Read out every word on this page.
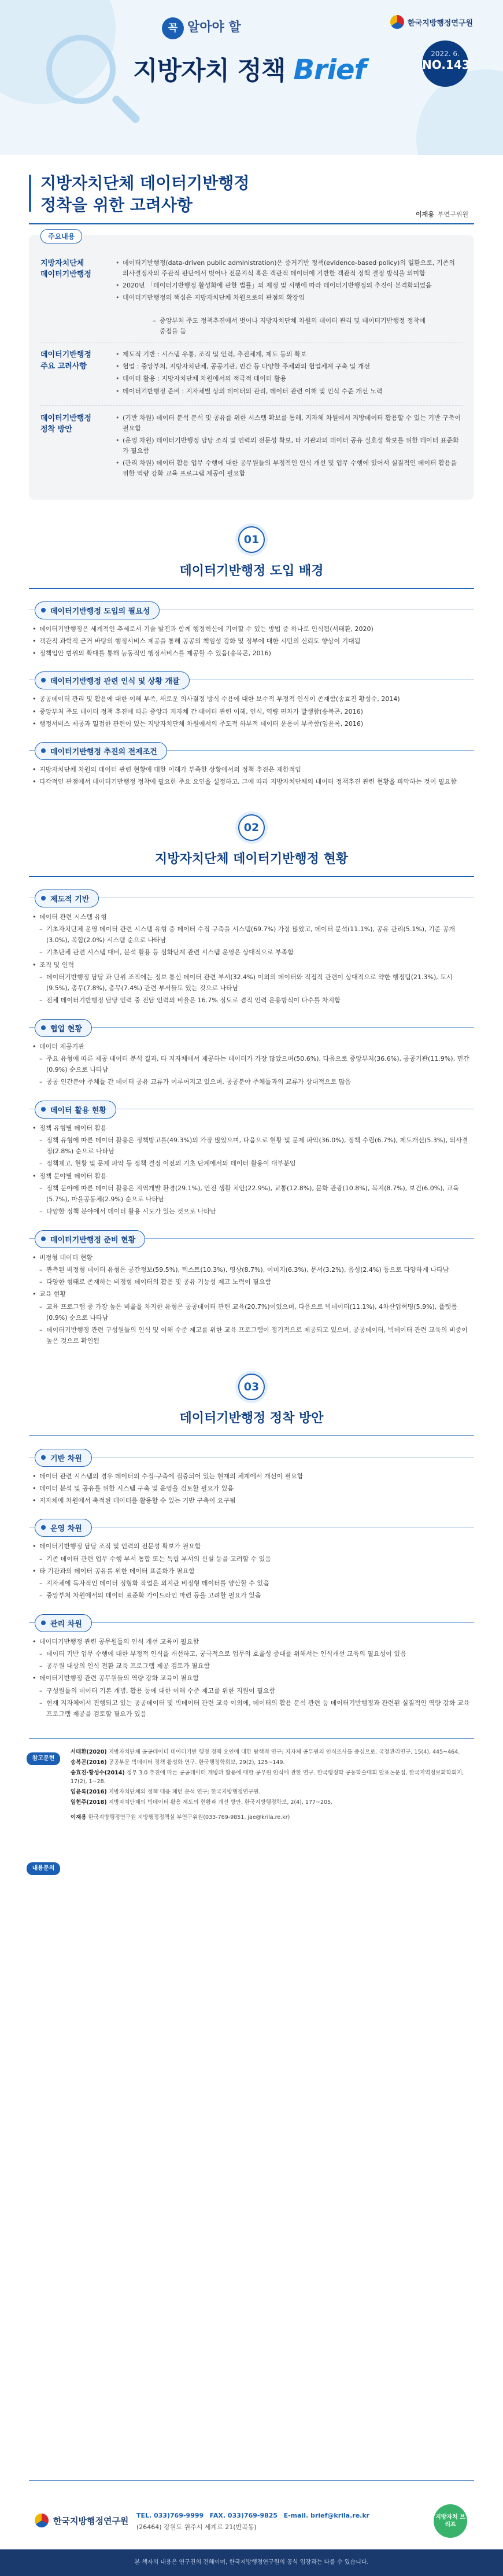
한국지방행정연구원
꼭 알아야 할
지방자치 정책 Brief	2022. 6.
NO.143
지방자치단체 데이터기반행정
정착을 위한 고려사항	이재용 부연구위원
주요내용
지방자치단체
데이터기반행정
• 데이터기반행정(data-driven public administration)은 증거기반 정책(evidence-based policy)의 일환으로, 기존의 의사결정자의 주관적 판단에서 벗어나 전문지식 혹은 객관적 데이터에 기반한 객관적 정책 결정 방식을 의미함
• 2020년 「데이터기반행정 활성화에 관한 법률」의 제정 및 시행에 따라 데이터기반행정의 추진이 본격화되었음
• 데이터기반행정의 핵심은 지방자치단체 차원으로의 관점의 확장임
– 중앙부처 주도 정책추진에서 벗어나 지방자치단체 차원의 데이터 관리 및 데이터기반행정 정착에 중점을 둠
데이터기반행정
주요 고려사항
• 제도적 기반 : 시스템 유통, 조직 및 인력, 추진체계, 제도 등의 확보
• 협업 : 중앙부처, 지방자치단체, 공공기관, 민간 등 다양한 주체와의 협업체계 구축 및 개선
• 데이터 활용 : 지방자치단체 차원에서의 적극적 데이터 활용
• 데이터기반행정 준비 : 지자체별 상의 데이터의 관리, 데이터 관련 이해 및 인식 수준 개선 노력
데이터기반행정
정착 방안
• (기반 차원) 데이터 분석 분석 및 공유를 위한 시스템 확보를 통해, 지자체 차원에서 지방데이터 활용할 수 있는 기반 구축이 필요함
• (운영 차원) 데이터기반행정 담당 조직 및 인력의 전문성 확보, 타 기관과의 데이터 공유 실효성 확보를 위한 데이터 표준화가 필요함
• (관리 차원) 데이터 활용 업무 수행에 대한 공무원들의 부정적인 인식 개선 및 업무 수행에 있어서 실질적인 데이터 활용을 위한 역량 강화 교육 프로그램 제공이 필요함
01
데이터기반행정 도입 배경
데이터기반행정 도입의 필요성

• 데이터기반행정은 세계적인 추세로서 기술 발전과 함께 행정혁신에 기여할 수 있는 방법 중 하나로 인식됨(서태환, 2020)

• 객관적 과학적 근거 바탕의 행정서비스 제공을 통해 공공의 책임성 강화 및 정부에 대한 시민의 신뢰도 향상이 기대됨

• 정책입안 범위의 확대를 통해 능동적인 행정서비스를 제공할 수 있음(송복곤, 2016)

데이터기반행정 관련 인식 및 상황 개괄

• 공공데이터 관리 및 활용에 대한 이해 부족, 새로운 의사결정 방식 수용에 대한 보수적 부정적 인식이 존재함(송효진 황성수, 2014)

• 중앙부처 주도 데이터 정책 추진에 따른 중앙과 지자체 간 데이터 관련 이해, 인식, 역량 편차가 발생함(송복곤, 2016)

• 행정서비스 제공과 밀접한 관련이 있는 지방자치단체 차원에서의 주도적 하부적 데이터 운용이 부족함(임윤록, 2016)

데이터기반행정 추진의 전제조건

• 지방자치단체 차원의 데이터 관련 현황에 대한 이해가 부족한 상황에서의 정책 추진은 제한적임

• 다각적인 관점에서 데이터기반행정 정착에 필요한 주요 요인을 설정하고, 그에 따라 지방자치단체의 데이터 정책추진 관련 현황을 파악하는 것이 필요함

02
지방자치단체 데이터기반행정 현황
제도적 기반

• 데이터 관련 시스템 유형

– 기초자치단체 운영 데이터 관련 시스템 유형 중 데이터 수집 구축을 시스템(69.7%) 가장 많았고, 데이터 분석(11.1%), 공유 관리(5.1%), 기준 공개(3.0%), 복합(2.0%) 시스템 순으로 나타남

– 기초단체 관련 시스템 대비, 분석 활용 등 심화단계 관련 시스템 운영은 상대적으로 부족함

• 조직 및 인력

– 데이터기반행정 담당 과 단위 조직에는 정보 통신 데이터 관련 부서(32.4%) 이외의 데이터와 직접적 관련이 상대적으로 약한 행정팀(21.3%), 도시(9.5%), 총무(7.8%), 총무(7.4%) 관련 부서들도 있는 것으로 나타남

– 전체 데이터기반행정 담당 인력 중 전담 인력의 비율은 16.7% 정도로 겸직 인력 운용방식이 다수를 차지함

협업 현황

• 데이터 제공기관

– 주요 유형에 따른 제공 데이터 분석 결과, 타 지자체에서 제공하는 데이터가 가장 많았으며(50.6%), 다음으로 중앙부처(36.6%), 공공기관(11.9%), 민간(0.9%) 순으로 나타남

– 공공 인간분야 주체들 간 데이터 공유 교류가 이루어지고 있으며, 공공분야 주체들과의 교류가 상대적으로 많음

데이터 활용 현황

• 정책 유형별 데이터 활용

– 정책 유형에 따른 데이터 활용은 정책방고를(49.3%)의 가장 많았으며, 다음으로 현황 및 문제 파악(36.0%), 정책 수립(6.7%), 제도개선(5.3%), 의사결정(2.8%) 순으로 나타남

– 정책제고, 현황 및 문제 파악 등 정책 결정 이전의 기초 단계에서의 데이터 활용이 대부분임

• 정책 분야별 데이터 활용

– 정책 분야에 따른 데이터 활용은 지역개발 환경(29.1%), 안전 생활 치안(22.9%), 교통(12.8%), 문화 관광(10.8%), 복지(8.7%), 보건(6.0%), 교육(5.7%), 마을공동체(2.9%) 순으로 나타남

– 다양한 정책 분야에서 데이터 활용 시도가 있는 것으로 나타남

데이터기반행정 준비 현황

• 비정형 데이터 현황

– 관측된 비정형 데이터 유형은 공간정보(59.5%), 텍스트(10.3%), 영상(8.7%), 이미지(6.3%), 문서(3.2%), 음성(2.4%) 등으로 다양하게 나타남

– 다양한 형태로 존재하는 비정형 데이터의 활용 및 공유 기능성 제고 노력이 필요함

• 교육 현황

– 교육 프로그램 중 가장 높은 비율을 차지한 유형은 공공데이터 관련 교육(20.7%)이었으며, 다음으로 빅데이터(11.1%), 4차산업혁명(5.9%), 플랫폼(0.9%) 순으로 나타남

– 데이터기반행정 관련 구성원들의 인식 및 이해 수준 제고를 위한 교육 프로그램이 정기적으로 제공되고 있으며, 공공데이터, 빅데이터 관련 교육의 비중이 높은 것으로 확인됨

03
데이터기반행정 정착 방안
기반 차원

• 데이터 관련 시스템의 경우 데이터의 수집·구축에 집중되어 있는 현재의 체계에서 개선이 필요함

• 데이터 분석 및 공유를 위한 시스템 구축 및 운영을 검토할 필요가 있음

• 지자체에 차원에서 축적된 데이터를 활용할 수 있는 기반 구축이 요구됨

운영 차원

• 데이터기반행정 담당 조직 및 인력의 전문성 확보가 필요함

– 기존 데이터 관련 업무 수행 부서 통합 또는 독립 부서의 신설 등을 고려할 수 있음

• 타 기관과의 데이터 공유를 위한 데이터 표준화가 필요함

– 지자체에 독자적인 데이터 정형화 작업은 외지관 비정형 데이터를 양산할 수 있음

– 중앙부처 차원에서의 데이터 표준화 가이드라인 마련 등을 고려할 필요가 있음

관리 차원

• 데이터기반행정 관련 공무원들의 인식 개선 교육이 필요함

– 데이터 기반 업무 수행에 대한 부정적 인식을 개선하고, 궁극적으로 업무의 효율성 증대를 위해서는 인식개선 교육의 필요성이 있음

– 공무원 대상의 인식 전환 교육 프로그램 제공 검토가 필요함

• 데이터기반행정 관련 공무원들의 역량 강화 교육이 필요함

– 구성원들의 데이터 기본 개념, 활용 등에 대한 이해 수준 제고를 위한 지원이 필요함

– 현재 지자체에서 진행되고 있는 공공데이터 및 빅데이터 관련 교육 이외에, 데이터의 활용 분석 관련 등 데이터기반행정과 관련된 실질적인 역량 강화 교육 프로그램 제공을 검토할 필요가 있음

참고문헌

서태환(2020) 지방자치단체 공공데이터 데이터기반 행정 정책 요인에 대한 탐색적 연구: 지자체 공무원의 인식조사를 중심으로. 국정관리연구, 15(4), 445~464.

송복곤(2016) 공공부문 빅데이터 정책 활성화 연구. 한국행정학회보, 29(2), 125~149.

송효진·황성수(2014) 정부 3.0 추진에 따른 공공데이터 개방과 활용에 대한 공무원 인식에 관한 연구. 한국행정학 공동학술대회 발표논문집, 한국지역정보화학회지, 17(2), 1~28.

임윤록(2016) 지방자치단체의 정책 대응 패턴 분석 연구: 한국지방행정연구원.

임현주(2018) 지방자치단체의 빅데이터 활용 제도의 현황과 개선 방안. 한국지방행정학보, 2(4), 177~205.

내용문의
이재용 한국지방행정연구원 지방행정정책실 부연구위원(033-769-9851, jae@krila.re.kr)
한국지방행정연구원 TEL. 033)769-9999 FAX. 033)769-9825 E-mail. brief@krila.re.kr
(26464) 강원도 원주시 세계로 21(반곡동)
지방자치 브리프
본 책자의 내용은 연구진의 견해이며, 한국지방행정연구원의 공식 입장과는 다를 수 있습니다.
